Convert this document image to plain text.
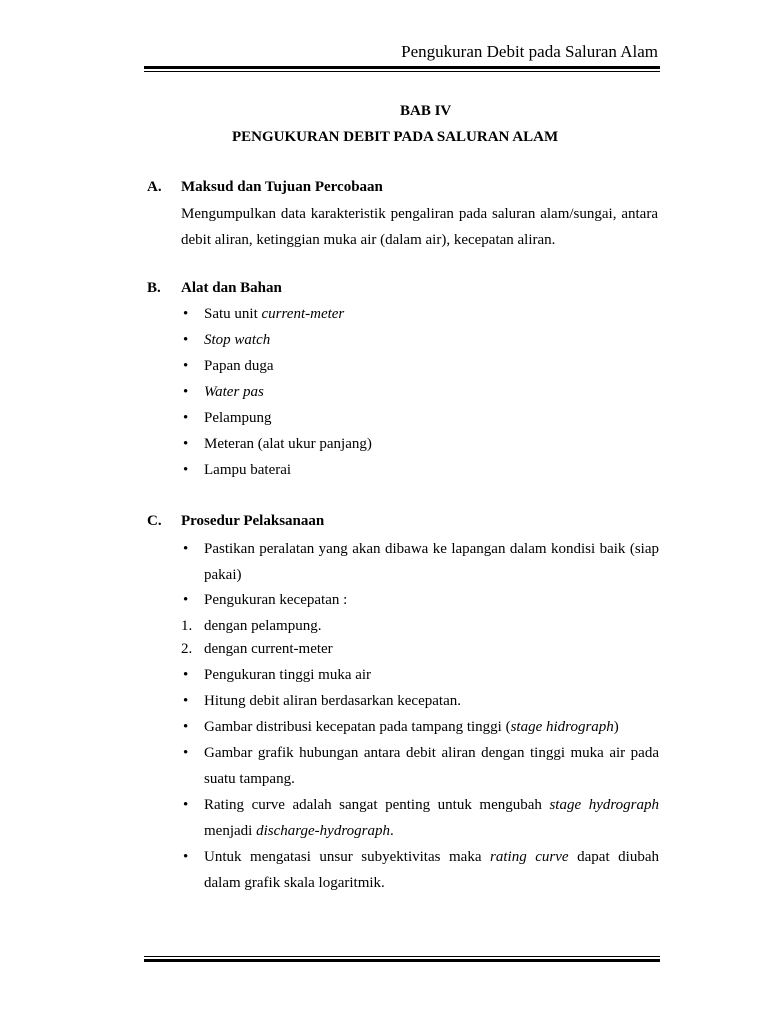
Pengukuran Debit pada Saluran Alam
BAB IV
PENGUKURAN DEBIT PADA SALURAN ALAM
A. Maksud dan Tujuan Percobaan
Mengumpulkan data karakteristik pengaliran pada saluran alam/sungai, antara debit aliran, ketinggian muka air (dalam air), kecepatan aliran.
B. Alat dan Bahan
• Satu unit current-meter
• Stop watch
• Papan duga
• Water pas
• Pelampung
• Meteran (alat ukur panjang)
• Lampu baterai
C. Prosedur Pelaksanaan
• Pastikan peralatan yang akan dibawa ke lapangan dalam kondisi baik (siap pakai)
• Pengukuran kecepatan :
1. dengan pelampung.
2. dengan current-meter
• Pengukuran tinggi muka air
• Hitung debit aliran berdasarkan kecepatan.
• Gambar distribusi kecepatan pada tampang tinggi (stage hidrograph)
• Gambar grafik hubungan antara debit aliran dengan tinggi muka air pada suatu tampang.
• Rating curve adalah sangat penting untuk mengubah stage hydrograph menjadi discharge-hydrograph.
• Untuk mengatasi unsur subyektivitas maka rating curve dapat diubah dalam grafik skala logaritmik.
